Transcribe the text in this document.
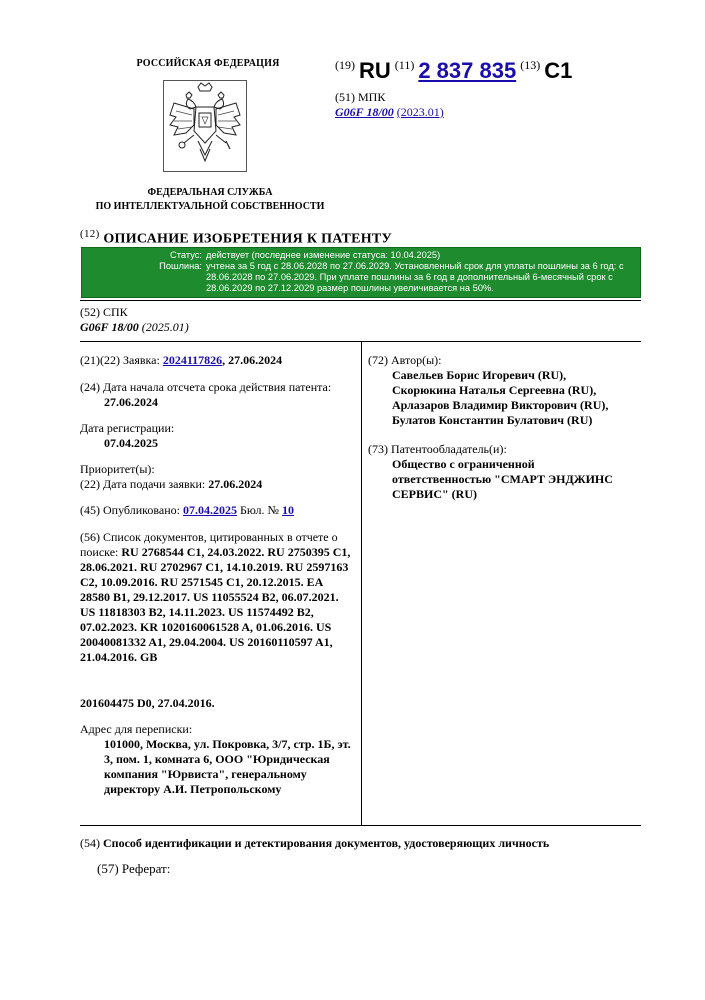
РОССИЙСКАЯ ФЕДЕРАЦИЯ
ФЕДЕРАЛЬНАЯ СЛУЖБА
ПО ИНТЕЛЛЕКТУАЛЬНОЙ СОБСТВЕННОСТИ
$^{(19)}$ RU $^{(11)}$ 2 837 835 $^{(13)}$ C1
(51) МПК
G06F 18/00 (2023.01)
$^{(12)}$ ОПИСАНИЕ ИЗОБРЕТЕНИЯ К ПАТЕНТУ
Статус:	действует (последнее изменение статуса: 10.04.2025)
Пошлина:	учтена за 5 год с 28.06.2028 по 27.06.2029. Установленный срок для уплаты пошлины за 6 год: с 28.06.2028 по 27.06.2029. При уплате пошлины за 6 год в дополнительный 6-месячный срок с 28.06.2029 по 27.12.2029 размер пошлины увеличивается на 50%.
(52) СПК
G06F 18/00 (2025.01)
(21)(22) Заявка: 2024117826, 27.06.2024
(24) Дата начала отсчета срока действия патента:
27.06.2024
Дата регистрации:
07.04.2025
Приоритет(ы):
(22) Дата подачи заявки: 27.06.2024
(45) Опубликовано: 07.04.2025 Бюл. № 10
(56) Список документов, цитированных в отчете о поиске: RU 2768544 C1, 24.03.2022. RU 2750395 C1, 28.06.2021. RU 2702967 C1, 14.10.2019. RU 2597163 C2, 10.09.2016. RU 2571545 C1, 20.12.2015. EA 28580 B1, 29.12.2017. US 11055524 B2, 06.07.2021. US 11818303 B2, 14.11.2023. US 11574492 B2, 07.02.2023. KR 1020160061528 A, 01.06.2016. US 20040081332 A1, 29.04.2004. US 20160110597 A1, 21.04.2016. GB
201604475 D0, 27.04.2016.
Адрес для переписки:
101000, Москва, ул. Покровка, 3/7, стр. 1Б, эт. 3, пом. 1, комната 6, ООО "Юридическая компания "Юрвиста", генеральному директору А.И. Петропольскому
(72) Автор(ы):
Савельев Борис Игоревич (RU),
Скорюкина Наталья Сергеевна (RU),
Арлазаров Владимир Викторович (RU),
Булатов Константин Булатович (RU)
(73) Патентообладатель(и):
Общество с ограниченной ответственностью "СМАРТ ЭНДЖИНС СЕРВИС" (RU)
(54) Способ идентификации и детектирования документов, удостоверяющих личность
(57) Реферат:
